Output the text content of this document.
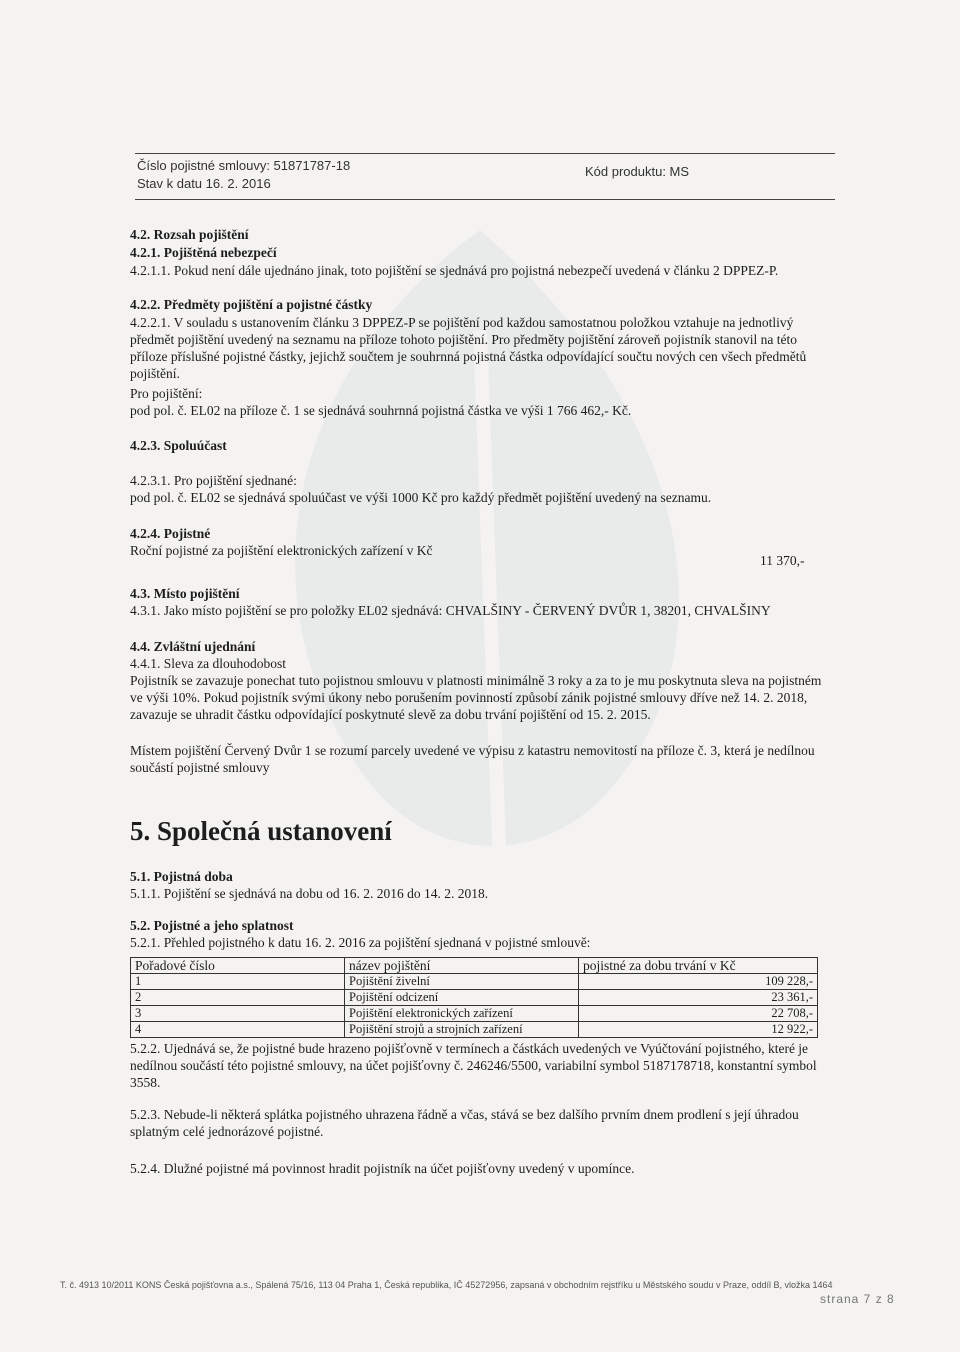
Číslo pojistné smlouvy: 51871787-18
Stav k datu 16. 2. 2016
Kód produktu: MS
4.2. Rozsah pojištění
4.2.1. Pojištěná nebezpečí
4.2.1.1. Pokud není dále ujednáno jinak, toto pojištění se sjednává pro pojistná nebezpečí uvedená v článku 2 DPPEZ-P.
4.2.2. Předměty pojištění a pojistné částky
4.2.2.1. V souladu s ustanovením článku 3 DPPEZ-P se pojištění pod každou samostatnou položkou vztahuje na jednotlivý předmět pojištění uvedený na seznamu na příloze tohoto pojištění. Pro předměty pojištění zároveň pojistník stanovil na této příloze příslušné pojistné částky, jejichž součtem je souhrnná pojistná částka odpovídající součtu nových cen všech předmětů pojištění.
Pro pojištění:
pod pol. č. EL02 na příloze č. 1 se sjednává souhrnná pojistná částka ve výši 1 766 462,- Kč.
4.2.3. Spoluúčast
4.2.3.1. Pro pojištění sjednané:
pod pol. č. EL02 se sjednává spoluúčast ve výši 1000 Kč pro každý předmět pojištění uvedený na seznamu.
4.2.4. Pojistné
Roční pojistné za pojištění elektronických zařízení v Kč
11 370,-
4.3. Místo pojištění
4.3.1. Jako místo pojištění se pro položky EL02 sjednává: CHVALŠINY - ČERVENÝ DVŮR 1, 38201, CHVALŠINY
4.4. Zvláštní ujednání
4.4.1. Sleva za dlouhodobost
Pojistník se zavazuje ponechat tuto pojistnou smlouvu v platnosti minimálně 3 roky a za to je mu poskytnuta sleva na pojistném ve výši 10%. Pokud pojistník svými úkony nebo porušením povinností způsobí zánik pojistné smlouvy dříve než 14. 2. 2018, zavazuje se uhradit částku odpovídající poskytnuté slevě za dobu trvání pojištění od 15. 2. 2015.
Místem pojištění Červený Dvůr 1 se rozumí parcely uvedené ve výpisu z katastru nemovitostí na příloze č. 3, která je nedílnou součástí pojistné smlouvy
5. Společná ustanovení
5.1. Pojistná doba
5.1.1. Pojištění se sjednává na dobu od 16. 2. 2016 do 14. 2. 2018.
5.2. Pojistné a jeho splatnost
5.2.1. Přehled pojistného k datu 16. 2. 2016 za pojištění sjednaná v pojistné smlouvě:
Pořadové číslo	název pojištění	pojistné za dobu trvání v Kč
1	Pojištění živelní	109 228,-
2	Pojištění odcizení	23 361,-
3	Pojištění elektronických zařízení	22 708,-
4	Pojištění strojů a strojních zařízení	12 922,-
5.2.2. Ujednává se, že pojistné bude hrazeno pojišťovně v termínech a částkách uvedených ve Vyúčtování pojistného, které je nedílnou součástí této pojistné smlouvy, na účet pojišťovny č. 246246/5500, variabilní symbol 5187178718, konstantní symbol 3558.
5.2.3. Nebude-li některá splátka pojistného uhrazena řádně a včas, stává se bez dalšího prvním dnem prodlení s její úhradou splatným celé jednorázové pojistné.
5.2.4. Dlužné pojistné má povinnost hradit pojistník na účet pojišťovny uvedený v upomínce.
T. č. 4913 10/2011 KONS Česká pojišťovna a.s., Spálená 75/16, 113 04 Praha 1, Česká republika, IČ 45272956, zapsaná v obchodním rejstříku u Městského soudu v Praze, oddíl B, vložka 1464
strana 7 z 8
